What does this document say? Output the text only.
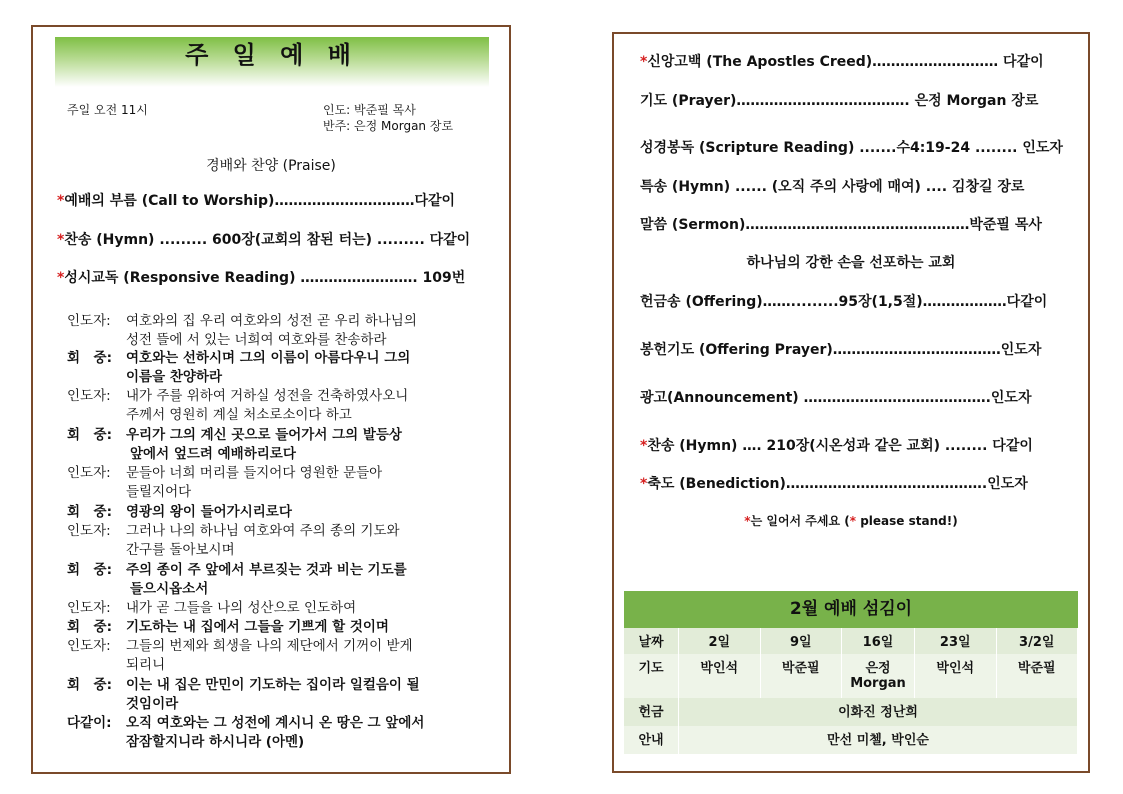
주 일 예 배
주일 오전 11시	인도: 박준필 목사
반주: 은정 Morgan 장로
경배와 찬양 (Praise)
*예배의 부름 (Call to Worship)…………………………다같이
*찬송 (Hymn) ......... 600장(교회의 참된 터는) ......... 다같이
*성시교독 (Responsive Reading) ……………………. 109번
인도자: 여호와의 집 우리 여호와의 성전 곧 우리 하나님의
성전 뜰에 서 있는 너희여 여호와를 찬송하라
회　중: 여호와는 선하시며 그의 이름이 아름다우니 그의
이름을 찬양하라
인도자: 내가 주를 위하여 거하실 성전을 건축하였사오니
주께서 영원히 계실 처소로소이다 하고
회　중: 우리가 그의 계신 곳으로 들어가서 그의 발등상
앞에서 엎드려 예배하리로다
인도자: 문들아 너희 머리를 들지어다 영원한 문들아
들릴지어다
회　중: 영광의 왕이 들어가시리로다
인도자: 그러나 나의 하나님 여호와여 주의 종의 기도와
간구를 돌아보시며
회　중: 주의 종이 주 앞에서 부르짖는 것과 비는 기도를
들으시옵소서
인도자: 내가 곧 그들을 나의 성산으로 인도하여
회　중: 기도하는 내 집에서 그들을 기쁘게 할 것이며
인도자: 그들의 번제와 희생을 나의 제단에서 기꺼이 받게
되리니
회　중: 이는 내 집은 만민이 기도하는 집이라 일컬음이 될
것임이라
다같이: 오직 여호와는 그 성전에 계시니 온 땅은 그 앞에서
잠잠할지니라 하시니라 (아멘)
*신앙고백 (The Apostles Creed)……………………… 다같이
기도 (Prayer)………………………………. 은정 Morgan 장로
성경봉독 (Scripture Reading) .......수4:19-24 ........ 인도자
특송 (Hymn) ...... (오직 주의 사랑에 매여) .... 김창길 장로
말씀 (Sermon)…………………………………………박준필 목사
하나님의 강한 손을 선포하는 교회
헌금송 (Offering)…….........95장(1,5절)………………다같이
봉헌기도 (Offering Prayer)………………………………인도자
광고(Announcement) ………………………………….인도자
*찬송 (Hymn) …. 210장(시온성과 같은 교회) ........ 다같이
*축도 (Benediction)…………………………………….인도자
*는 일어서 주세요 (* please stand!)
2월 예배 섬김이
날짜	2일	9일	16일	23일	3/2일
기도	박인석	박준필	은정 Morgan	박인석	박준필
헌금	이화진 정난희				
안내	만선 미첼, 박인순				
